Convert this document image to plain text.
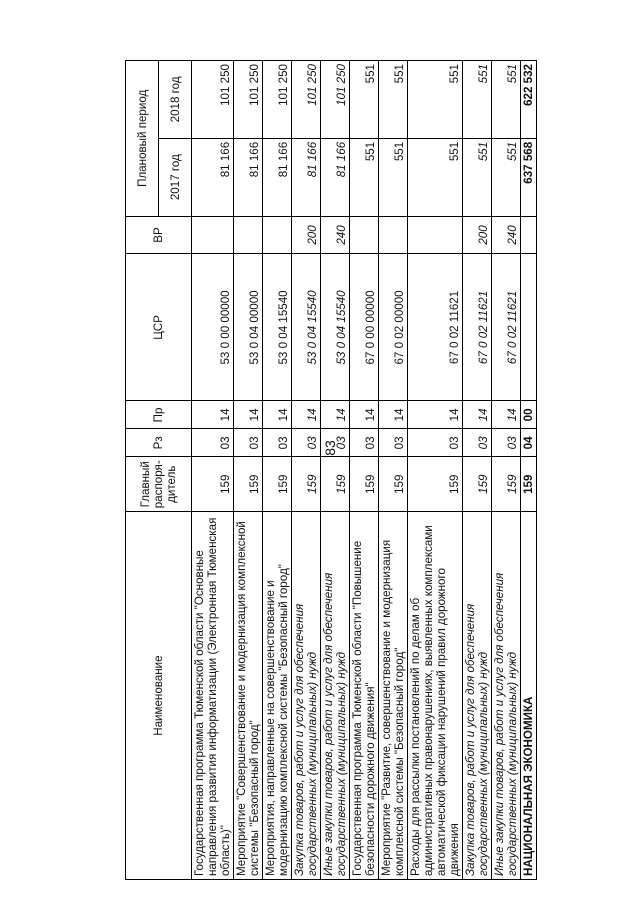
83
Наименование	Главный распоря-дитель	Рз	Пр	ЦСР	ВР	Плановый период	
						2017 год	2018 год
Государственная программа Тюменской области "Основные направления развития информатизации (Электронная Тюменская область)"	159	03	14	53 0 00 00000		81 166	101 250
Мероприятие "Совершенствование и модернизация комплексной системы "Безопасный город"	159	03	14	53 0 04 00000		81 166	101 250
Мероприятия, направленные на совершенствование и модернизацию комплексной системы "Безопасный город"	159	03	14	53 0 04 15540		81 166	101 250
Закупка товаров, работ и услуг для обеспечения государственных (муниципальных) нужд	159	03	14	53 0 04 15540	200	81 166	101 250
Иные закупки товаров, работ и услуг для обеспечения государственных (муниципальных) нужд	159	03	14	53 0 04 15540	240	81 166	101 250
Государственная программа Тюменской области "Повышение безопасности дорожного движения"	159	03	14	67 0 00 00000		551	551
Мероприятие "Развитие, совершенствование и модернизация комплексной системы "Безопасный город"	159	03	14	67 0 02 00000		551	551
Расходы для рассылки постановлений по делам об административных правонарушениях, выявленных комплексами автоматической фиксации нарушений правил дорожного движения	159	03	14	67 0 02 11621		551	551
Закупка товаров, работ и услуг для обеспечения государственных (муниципальных) нужд	159	03	14	67 0 02 11621	200	551	551
Иные закупки товаров, работ и услуг для обеспечения государственных (муниципальных) нужд	159	03	14	67 0 02 11621	240	551	551
НАЦИОНАЛЬНАЯ ЭКОНОМИКА	159	04	00			637 568	622 532
